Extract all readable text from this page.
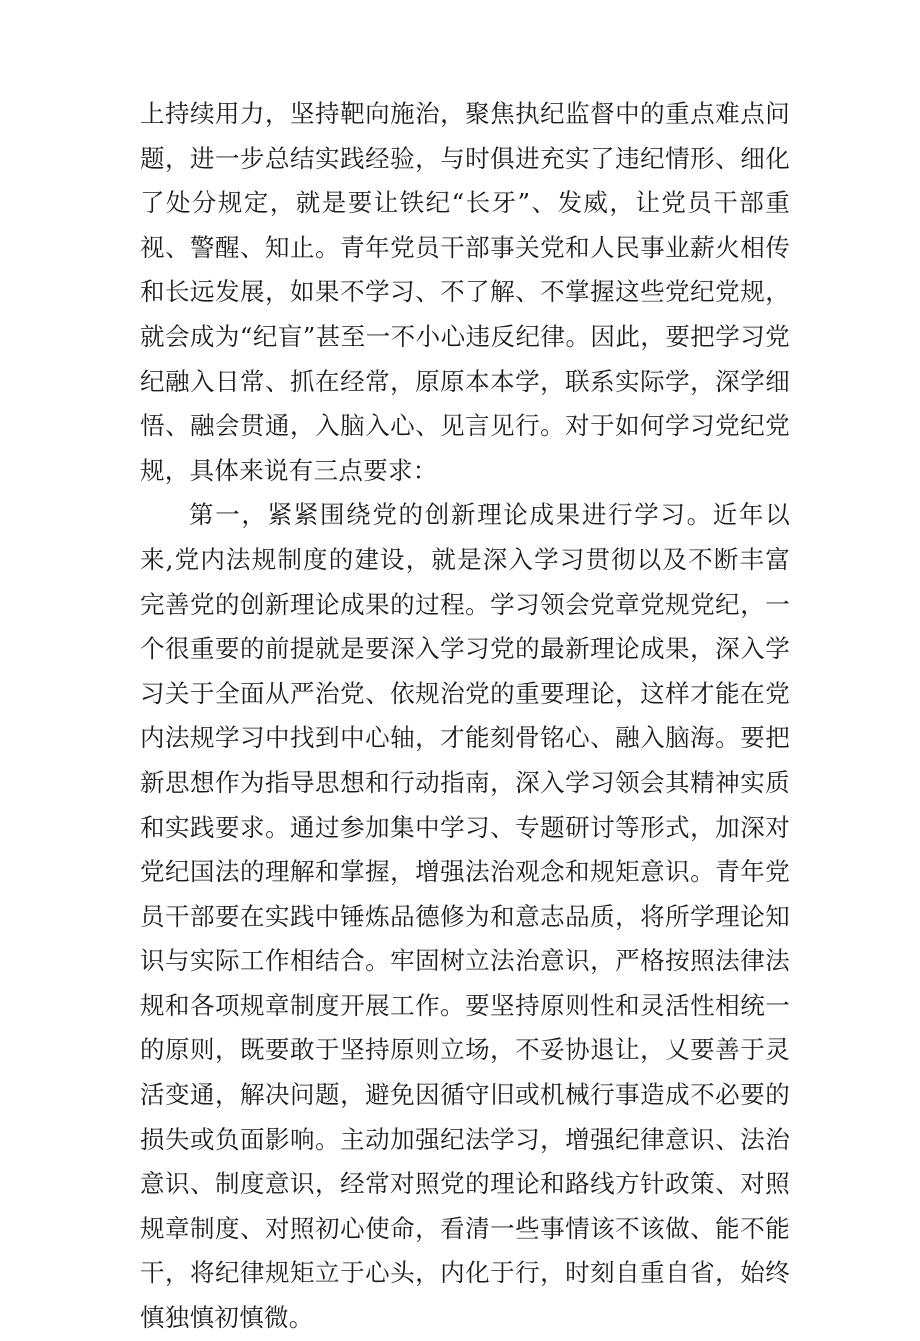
上持续用力，坚持靶向施治，聚焦执纪监督中的重点难点问题，进一步总结实践经验，与时俱进充实了违纪情形、细化了处分规定，就是要让铁纪“长牙”、发威，让党员干部重视、警醒、知止。青年党员干部事关党和人民事业薪火相传和长远发展，如果不学习、不了解、不掌握这些党纪党规，就会成为“纪盲”甚至一不小心违反纪律。因此，要把学习党纪融入日常、抓在经常，原原本本学，联系实际学，深学细悟、融会贯通，入脑入心、见言见行。对于如何学习党纪党规，具体来说有三点要求：

第一，紧紧围绕党的创新理论成果进行学习。近年以来,党内法规制度的建设，就是深入学习贯彻以及不断丰富完善党的创新理论成果的过程。学习领会党章党规党纪，一个很重要的前提就是要深入学习党的最新理论成果，深入学习关于全面从严治党、依规治党的重要理论，这样才能在党内法规学习中找到中心轴，才能刻骨铭心、融入脑海。要把新思想作为指导思想和行动指南，深入学习领会其精神实质和实践要求。通过参加集中学习、专题研讨等形式，加深对党纪国法的理解和掌握，增强法治观念和规矩意识。青年党员干部要在实践中锤炼品德修为和意志品质，将所学理论知识与实际工作相结合。牢固树立法治意识，严格按照法律法规和各项规章制度开展工作。要坚持原则性和灵活性相统一的原则，既要敢于坚持原则立场，不妥协退让，乂要善于灵活变通，解决问题，避免因循守旧或机械行事造成不必要的损失或负面影响。主动加强纪法学习，增强纪律意识、法治意识、制度意识，经常对照党的理论和路线方针政策、对照规章制度、对照初心使命，看清一些事情该不该做、能不能干，将纪律规矩立于心头，内化于行，时刻自重自省，始终慎独慎初慎微。
